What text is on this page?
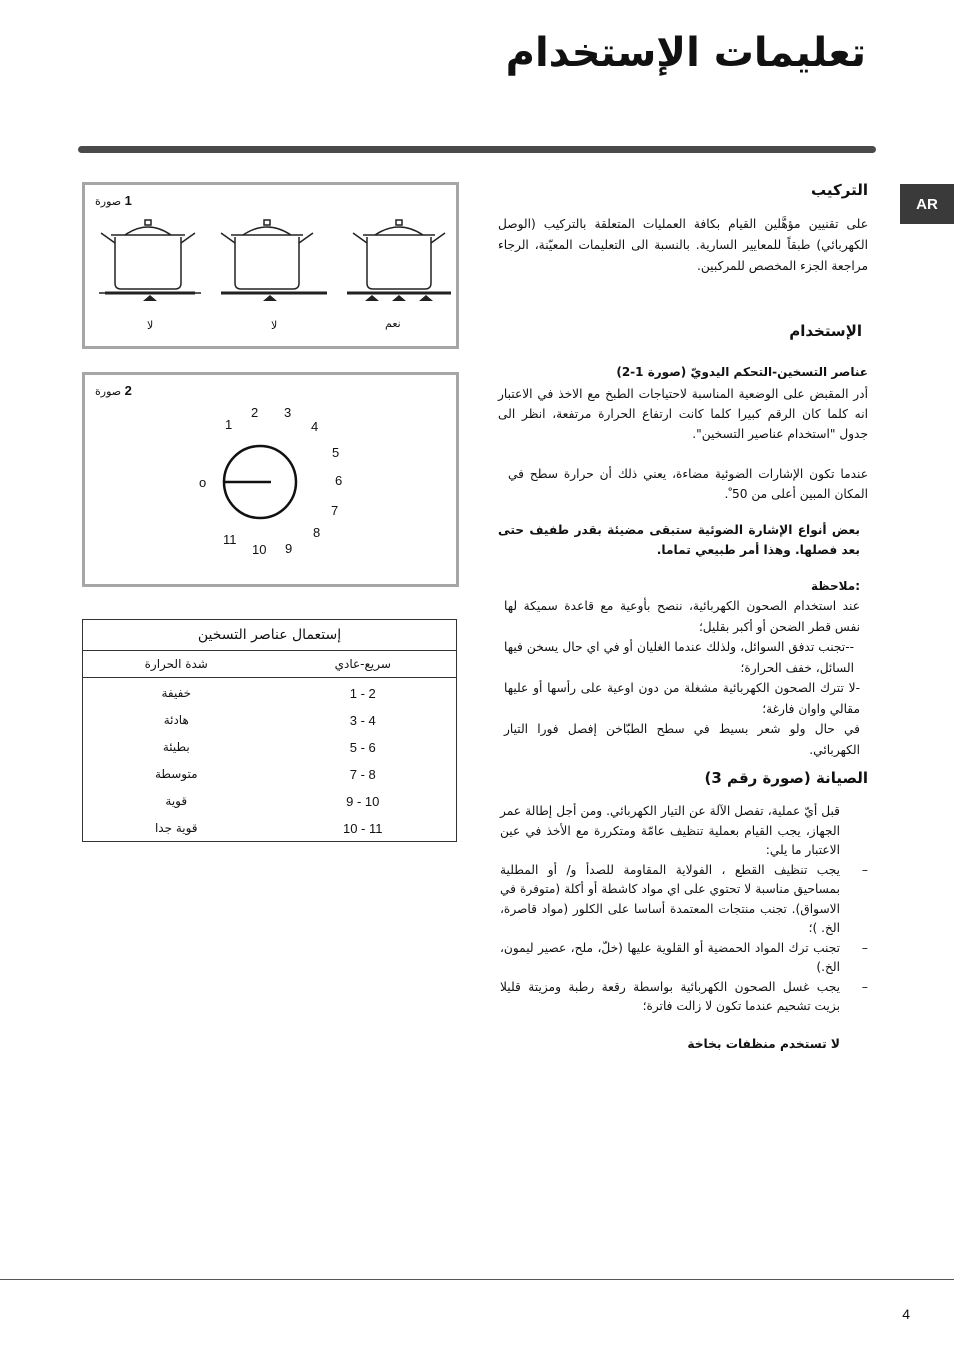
تعليمات الإستخدام
AR
التركيب

على تقنيين مؤهَّلين القيام بكافة العمليات المتعلقة بالتركيب (الوصل الكهربائي) طبقاً للمعايير السارية. بالنسبة الى التعليمات المعيّنة، الرجاء مراجعة الجزء المخصص للمركبين.

الإستخدام
عناصر التسخين-التحكم اليدويّ (صورة 1-2)

أدر المقبض على الوضعية المناسبة لاحتياجات الطبخ مع الاخذ في الاعتبار انه كلما كان الرقم كبيرا كلما كانت ارتفاع الحرارة مرتفعة، انظر الى جدول "استخدام عناصير التسخين".

عندما تكون الإشارات الضوئية مضاءة، يعني ذلك أن حرارة سطح في المكان المبين أعلى من 50 ْ.

بعض أنواع الإشارة الضوئية ستبقى مضيئة بقدر طفيف حتى بعد فصلها. وهذا أمر طبيعي تماما.

:ملاحظة

عند استخدام الصحون الكهربائية، ننصح بأوعية مع قاعدة سميكة لها نفس قطر الضحن أو أكبر بقليل؛

--تجنب تدفق السوائل، ولذلك عندما الغليان أو في اي حال يسخن فيها السائل، خفف الحرارة؛

-لا تترك الصحون الكهربائية مشغلة من دون اوعية على رأسها أو عليها مقالي واوان فارغة؛

في حال ولو شعر بسيط في سطح الطبّاخن إفصل فورا التيار الكهربائي.

الصيانة (صورة رقم 3)

قبل أيّ عملية، تفصل الآلة عن التيار الكهربائي. ومن أجل إطالة عمر الجهاز، يجب القيام بعملية تنظيف عامّة ومتكررة مع الأخذ في عين الاعتبار ما يلي:

–
يجب تنظيف القطع ، الفولاية المقاومة للصدأ و/ أو المطلية بمساحيق مناسبة لا تحتوي على اي مواد كاشطة أو أكلة (متوفرة في الاسواق). تجنب منتجات المعتمدة أساسا على الكلور (مواد قاصرة، الخ. )؛
–
تجنب ترك المواد الحمضية أو القلوية عليها (خلّ، ملح، عصير ليمون، الخ.)
–
يجب غسل الصحون الكهربائية بواسطة رقعة رطبة ومزيتة قليلا بزيت تشحيم عندما تكون لا زالت فاترة؛

لا تستخدم منظفات بخاخة

1 صورة
نعم
لا
لا
2 صورة
o
1
2 3
4
5
6
7
8
9
10
11
إستعمال عناصر التسخين
سريع-عادي
شدة الحرارة
1 - 2
خفيفة
3 - 4
هادئة
5 - 6
بطيئة
7 - 8
متوسطة
9 - 10
قوية
10 - 11
قوية جدا
4
